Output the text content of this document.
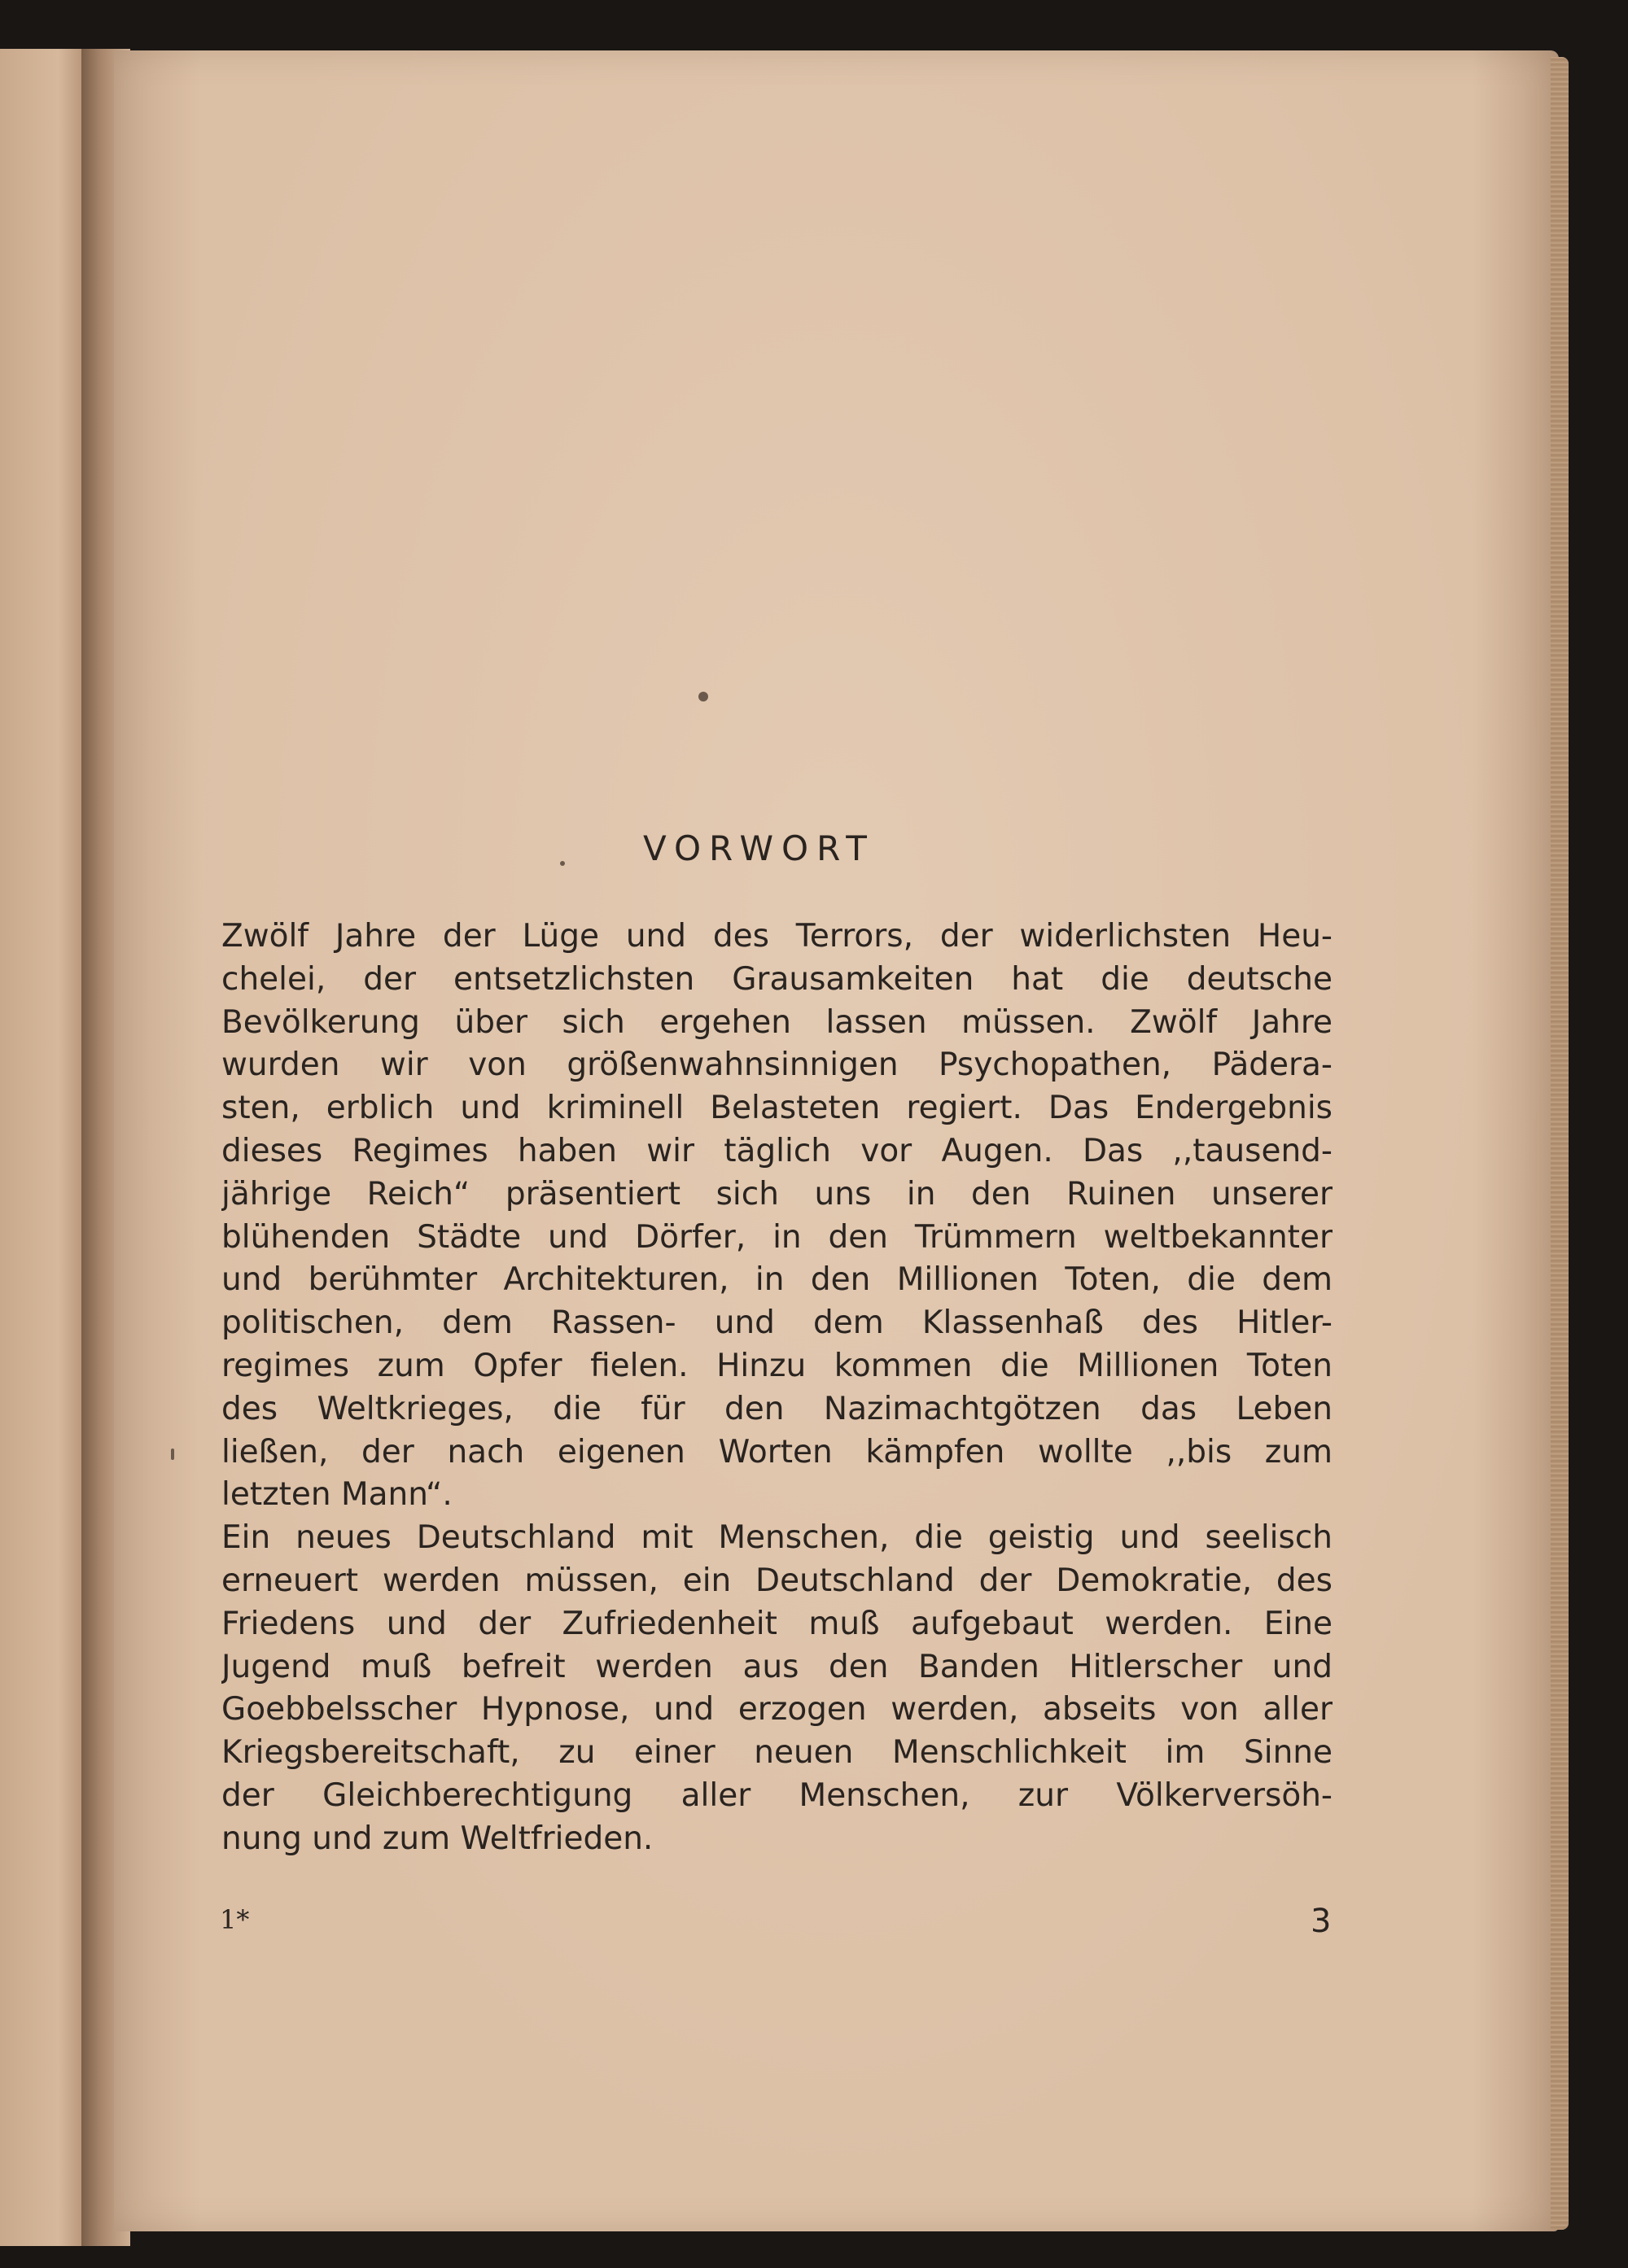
VORWORT
Zwölf Jahre der Lüge und des Terrors, der widerlichsten Heu-
chelei, der entsetzlichsten Grausamkeiten hat die deutsche
Bevölkerung über sich ergehen lassen müssen. Zwölf Jahre
wurden wir von größenwahnsinnigen Psychopathen, Pädera-
sten, erblich und kriminell Belasteten regiert. Das Endergebnis
dieses Regimes haben wir täglich vor Augen. Das ,,tausend-
jährige Reich“ präsentiert sich uns in den Ruinen unserer
blühenden Städte und Dörfer, in den Trümmern weltbekannter
und berühmter Architekturen, in den Millionen Toten, die dem
politischen, dem Rassen- und dem Klassenhaß des Hitler-
regimes zum Opfer fielen. Hinzu kommen die Millionen Toten
des Weltkrieges, die für den Nazimachtgötzen das Leben
ließen, der nach eigenen Worten kämpfen wollte ,,bis zum
letzten Mann“.
Ein neues Deutschland mit Menschen, die geistig und seelisch
erneuert werden müssen, ein Deutschland der Demokratie, des
Friedens und der Zufriedenheit muß aufgebaut werden. Eine
Jugend muß befreit werden aus den Banden Hitlerscher und
Goebbelsscher Hypnose, und erzogen werden, abseits von aller
Kriegsbereitschaft, zu einer neuen Menschlichkeit im Sinne
der Gleichberechtigung aller Menschen, zur Völkerversöh-
nung und zum Weltfrieden.
1*	3
